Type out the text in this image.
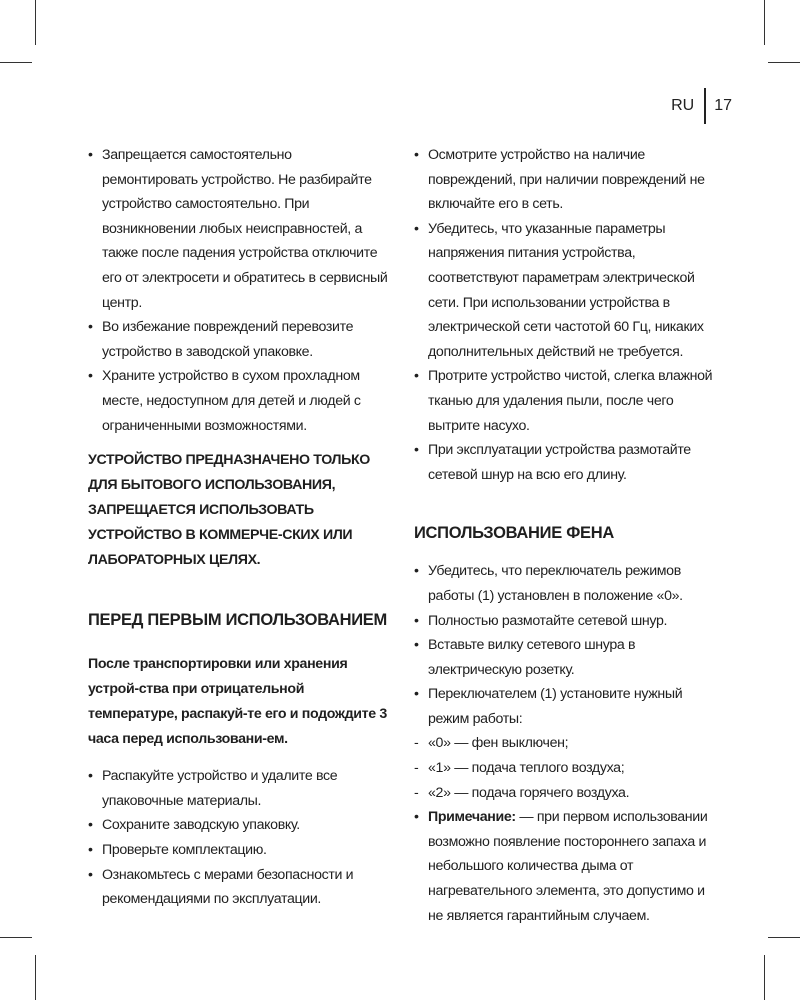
RU 17
• Запрещается самостоятельно ремонтировать устройство. Не разбирайте устройство самостоятельно. При возникновении любых неисправностей, а также после падения устройства отключите его от электросети и обратитесь в сервисный центр.
• Во избежание повреждений перевозите устройство в заводской упаковке.
• Храните устройство в сухом прохладном месте, недоступном для детей и людей с ограниченными возможностями.
УСТРОЙСТВО ПРЕДНАЗНАЧЕНО ТОЛЬКО ДЛЯ БЫТОВОГО ИСПОЛЬЗОВАНИЯ, ЗАПРЕЩАЕТСЯ ИСПОЛЬЗОВАТЬ УСТРОЙСТВО В КОММЕРЧЕ-СКИХ ИЛИ ЛАБОРАТОРНЫХ ЦЕЛЯХ.
ПЕРЕД ПЕРВЫМ ИСПОЛЬЗОВАНИЕМ
После транспортировки или хранения устрой-ства при отрицательной температуре, распакуй-те его и подождите 3 часа перед использовани-ем.
• Распакуйте устройство и удалите все упаковочные материалы.
• Сохраните заводскую упаковку.
• Проверьте комплектацию.
• Ознакомьтесь с мерами безопасности и рекомендациями по эксплуатации.
• Осмотрите устройство на наличие повреждений, при наличии повреждений не включайте его в сеть.
• Убедитесь, что указанные параметры напряжения питания устройства, соответствуют параметрам электрической сети. При использовании устройства в электрической сети частотой 60 Гц, никаких дополнительных действий не требуется.
• Протрите устройство чистой, слегка влажной тканью для удаления пыли, после чего вытрите насухо.
• При эксплуатации устройства размотайте сетевой шнур на всю его длину.
ИСПОЛЬЗОВАНИЕ ФЕНА
• Убедитесь, что переключатель режимов работы (1) установлен в положение «0».
• Полностью размотайте сетевой шнур.
• Вставьте вилку сетевого шнура в электрическую розетку.
• Переключателем (1) установите нужный режим работы:
- «0» — фен выключен;
- «1» — подача теплого воздуха;
- «2» — подача горячего воздуха.
• Примечание: — при первом использовании возможно появление постороннего запаха и небольшого количества дыма от нагревательного элемента, это допустимо и не является гарантийным случаем.
